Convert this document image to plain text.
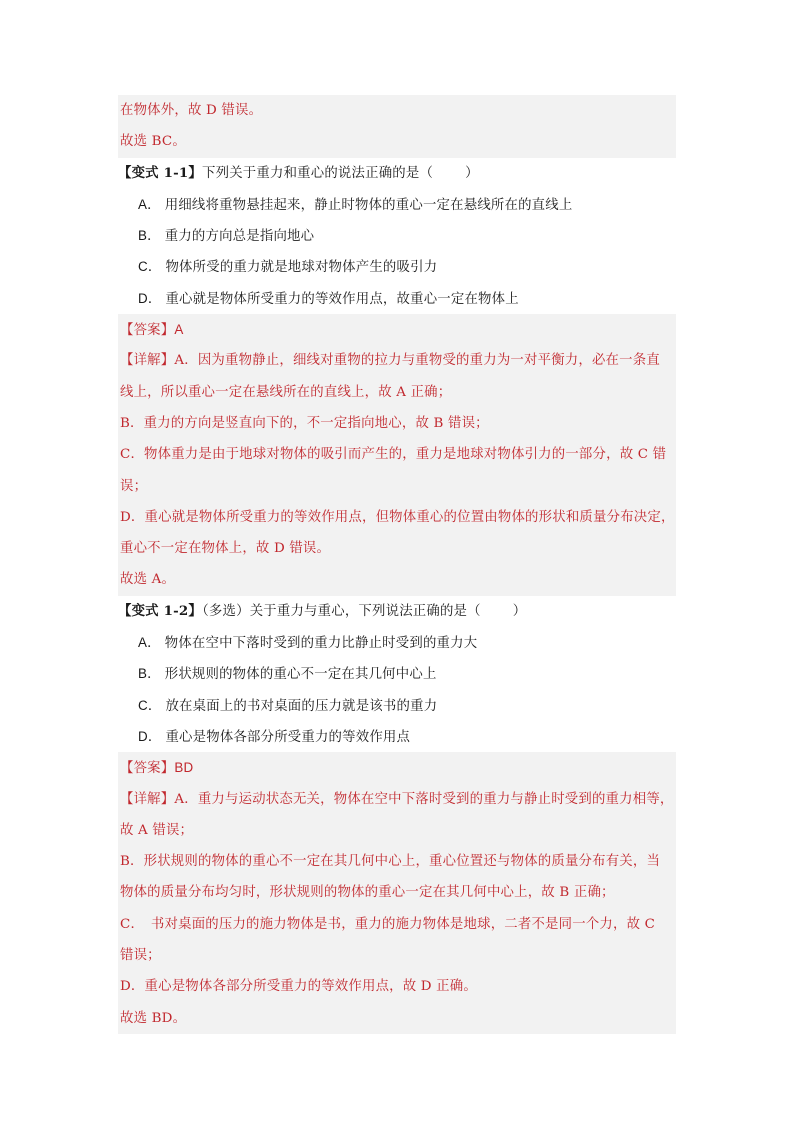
在物体外，故 D 错误。
故选 BC。
【变式 1-1】下列关于重力和重心的说法正确的是（ ）
A． 用细线将重物悬挂起来，静止时物体的重心一定在悬线所在的直线上
B． 重力的方向总是指向地心
C． 物体所受的重力就是地球对物体产生的吸引力
D． 重心就是物体所受重力的等效作用点，故重心一定在物体上
【答案】A
【详解】A．因为重物静止，细线对重物的拉力与重物受的重力为一对平衡力，必在一条直
线上，所以重心一定在悬线所在的直线上，故 A 正确；
B．重力的方向是竖直向下的，不一定指向地心，故 B 错误；
C．物体重力是由于地球对物体的吸引而产生的，重力是地球对物体引力的一部分，故 C 错
误；
D．重心就是物体所受重力的等效作用点，但物体重心的位置由物体的形状和质量分布决定，
重心不一定在物体上，故 D 错误。
故选 A。
【变式 1-2】（多选）关于重力与重心，下列说法正确的是（ ）
A． 物体在空中下落时受到的重力比静止时受到的重力大
B． 形状规则的物体的重心不一定在其几何中心上
C． 放在桌面上的书对桌面的压力就是该书的重力
D． 重心是物体各部分所受重力的等效作用点
【答案】BD
【详解】A．重力与运动状态无关，物体在空中下落时受到的重力与静止时受到的重力相等，
故 A 错误；
B．形状规则的物体的重心不一定在其几何中心上，重心位置还与物体的质量分布有关，当
物体的质量分布均匀时，形状规则的物体的重心一定在其几何中心上，故 B 正确；
C．　书对桌面的压力的施力物体是书，重力的施力物体是地球，二者不是同一个力，故 C
错误；
D．重心是物体各部分所受重力的等效作用点，故 D 正确。
故选 BD。
